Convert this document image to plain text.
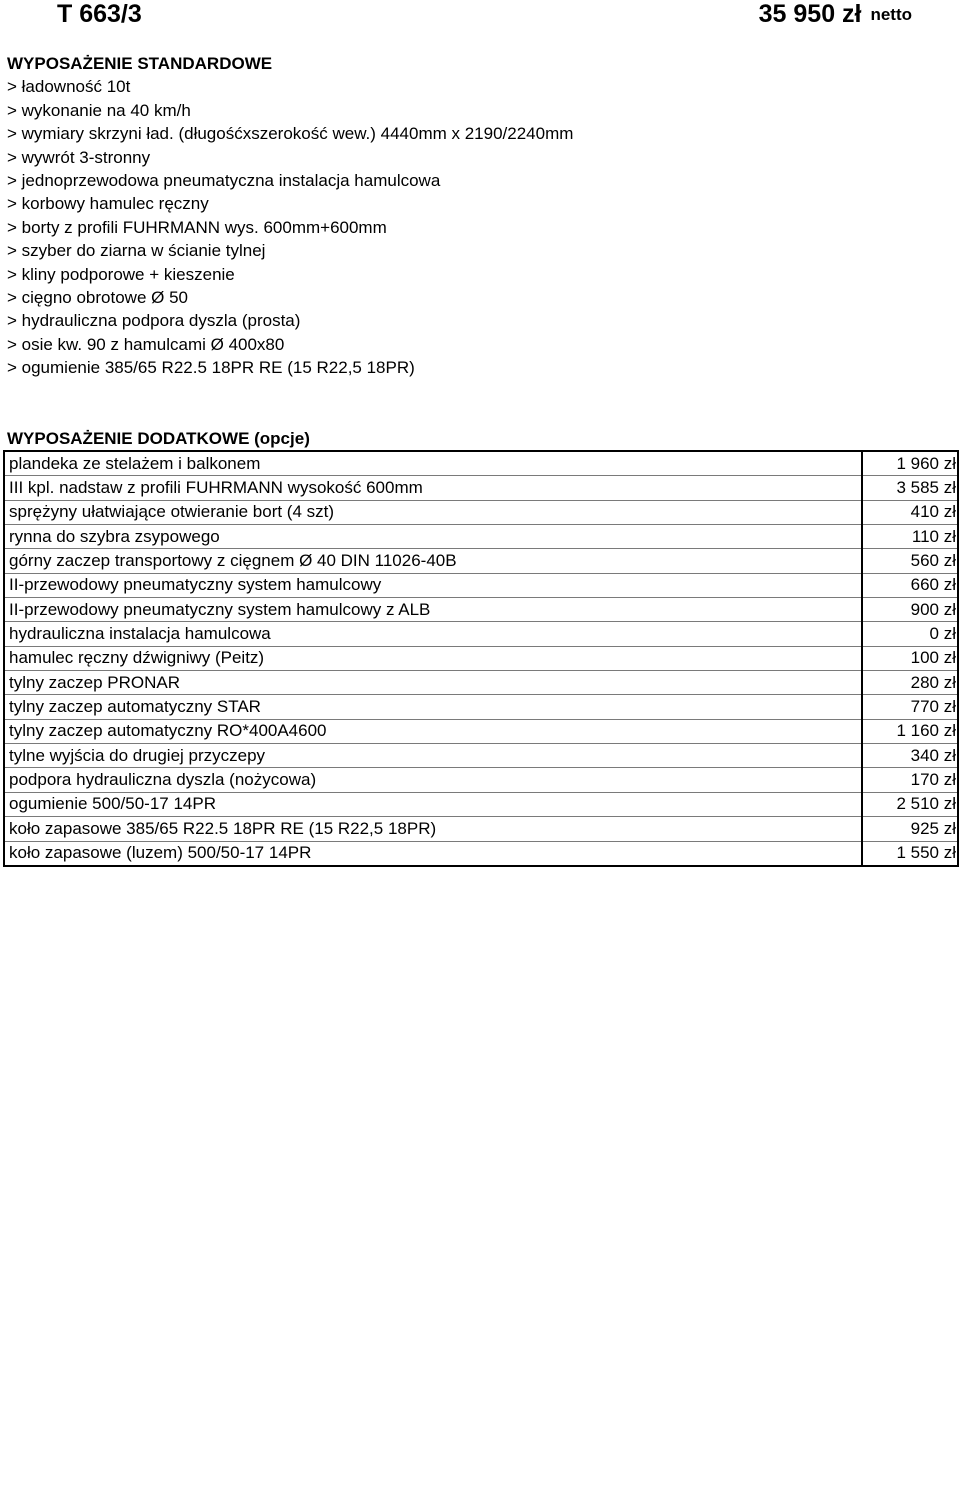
T 663/3	35 950 zł netto
WYPOSAŻENIE STANDARDOWE
> ładowność 10t
> wykonanie na 40 km/h
> wymiary skrzyni ład. (długośćxszerokość wew.) 4440mm x 2190/2240mm
> wywrót 3-stronny
> jednoprzewodowa pneumatyczna instalacja hamulcowa
> korbowy hamulec ręczny
> borty z profili FUHRMANN wys. 600mm+600mm
> szyber do ziarna w ścianie tylnej
> kliny podporowe + kieszenie
> cięgno obrotowe Ø 50
> hydrauliczna podpora dyszla (prosta)
> osie kw. 90 z hamulcami Ø 400x80
> ogumienie 385/65 R22.5 18PR RE (15 R22,5 18PR)
WYPOSAŻENIE DODATKOWE (opcje)
plandeka ze stelażem i balkonem	1 960 zł
III kpl. nadstaw z profili FUHRMANN wysokość 600mm	3 585 zł
sprężyny ułatwiające otwieranie bort (4 szt)	410 zł
rynna do szybra zsypowego	110 zł
górny zaczep transportowy z cięgnem Ø 40 DIN 11026-40B	560 zł
II-przewodowy pneumatyczny system hamulcowy	660 zł
II-przewodowy pneumatyczny system hamulcowy z ALB	900 zł
hydrauliczna instalacja hamulcowa	0 zł
hamulec ręczny dźwigniwy (Peitz)	100 zł
tylny zaczep PRONAR	280 zł
tylny zaczep automatyczny STAR	770 zł
tylny zaczep automatyczny RO*400A4600	1 160 zł
tylne wyjścia do drugiej przyczepy	340 zł
podpora hydrauliczna dyszla (nożycowa)	170 zł
ogumienie 500/50-17 14PR	2 510 zł
koło zapasowe 385/65 R22.5 18PR RE (15 R22,5 18PR)	925 zł
koło zapasowe (luzem) 500/50-17 14PR	1 550 zł
